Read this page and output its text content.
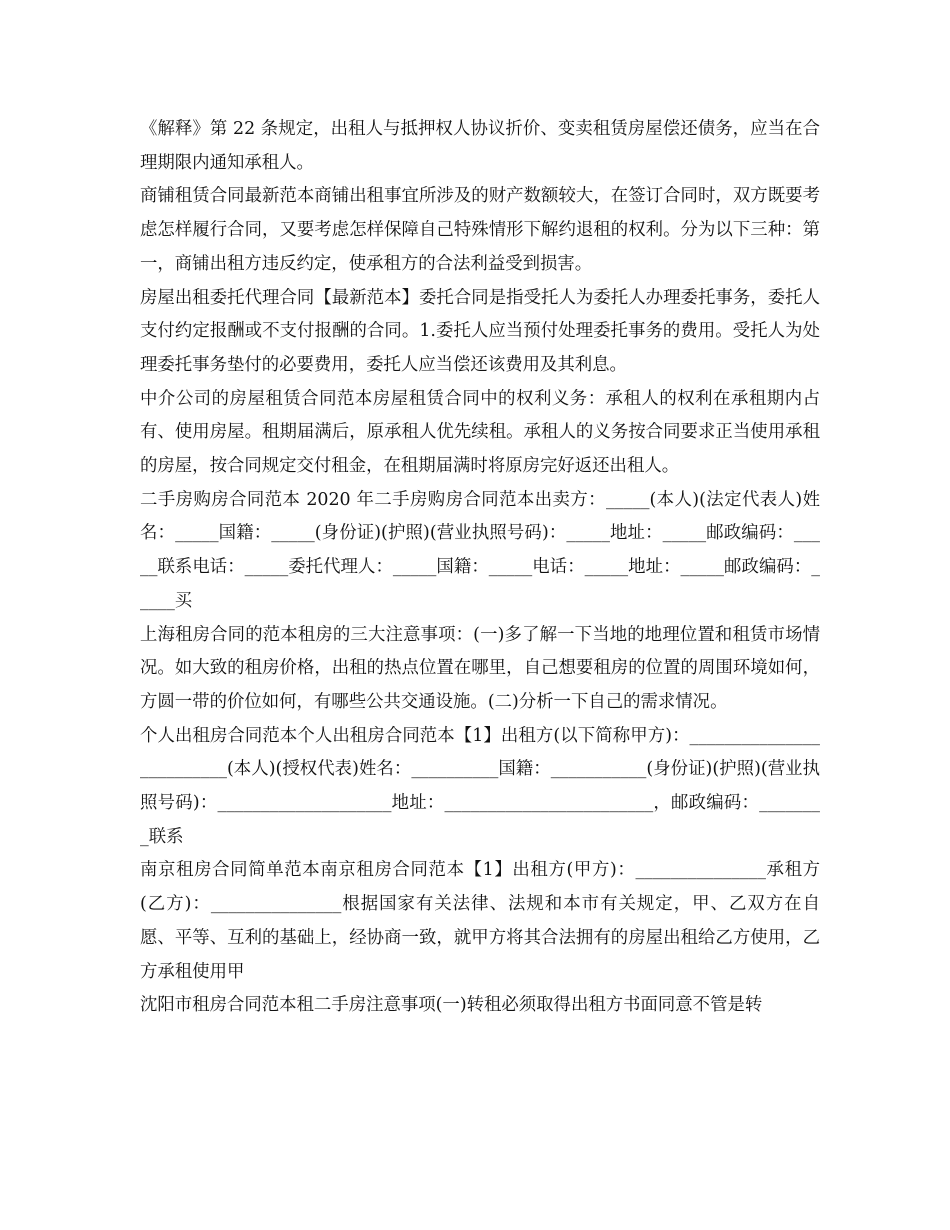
《解释》第 22 条规定，出租人与抵押权人协议折价、变卖租赁房屋偿还债务，应当在合理期限内通知承租人。

商铺租赁合同最新范本商铺出租事宜所涉及的财产数额较大，在签订合同时，双方既要考虑怎样履行合同，又要考虑怎样保障自己特殊情形下解约退租的权利。分为以下三种：第一，商铺出租方违反约定，使承租方的合法利益受到损害。

房屋出租委托代理合同【最新范本】委托合同是指受托人为委托人办理委托事务，委托人支付约定报酬或不支付报酬的合同。1.委托人应当预付处理委托事务的费用。受托人为处理委托事务垫付的必要费用，委托人应当偿还该费用及其利息。

中介公司的房屋租赁合同范本房屋租赁合同中的权利义务：承租人的权利在承租期内占有、使用房屋。租期届满后，原承租人优先续租。承租人的义务按合同要求正当使用承租的房屋，按合同规定交付租金，在租期届满时将原房完好返还出租人。

二手房购房合同范本 2020 年二手房购房合同范本出卖方：_____(本人)(法定代表人)姓名：_____国籍：_____(身份证)(护照)(营业执照号码)：_____地址：_____邮政编码：_____联系电话：_____委托代理人：_____国籍：_____电话：_____地址：_____邮政编码：_____买

上海租房合同的范本租房的三大注意事项：(一)多了解一下当地的地理位置和租赁市场情况。如大致的租房价格，出租的热点位置在哪里，自己想要租房的位置的周围环境如何，方圆一带的价位如何，有哪些公共交通设施。(二)分析一下自己的需求情况。

个人出租房合同范本个人出租房合同范本【1】出租方(以下简称甲方)：_________________________(本人)(授权代表)姓名：__________国籍：___________(身份证)(护照)(营业执照号码)：____________________地址：________________________，邮政编码：________联系

南京租房合同简单范本南京租房合同范本【1】出租方(甲方)：_______________承租方(乙方)：_______________根据国家有关法律、法规和本市有关规定，甲、乙双方在自愿、平等、互利的基础上，经协商一致，就甲方将其合法拥有的房屋出租给乙方使用，乙方承租使用甲

沈阳市租房合同范本租二手房注意事项(一)转租必须取得出租方书面同意不管是转
